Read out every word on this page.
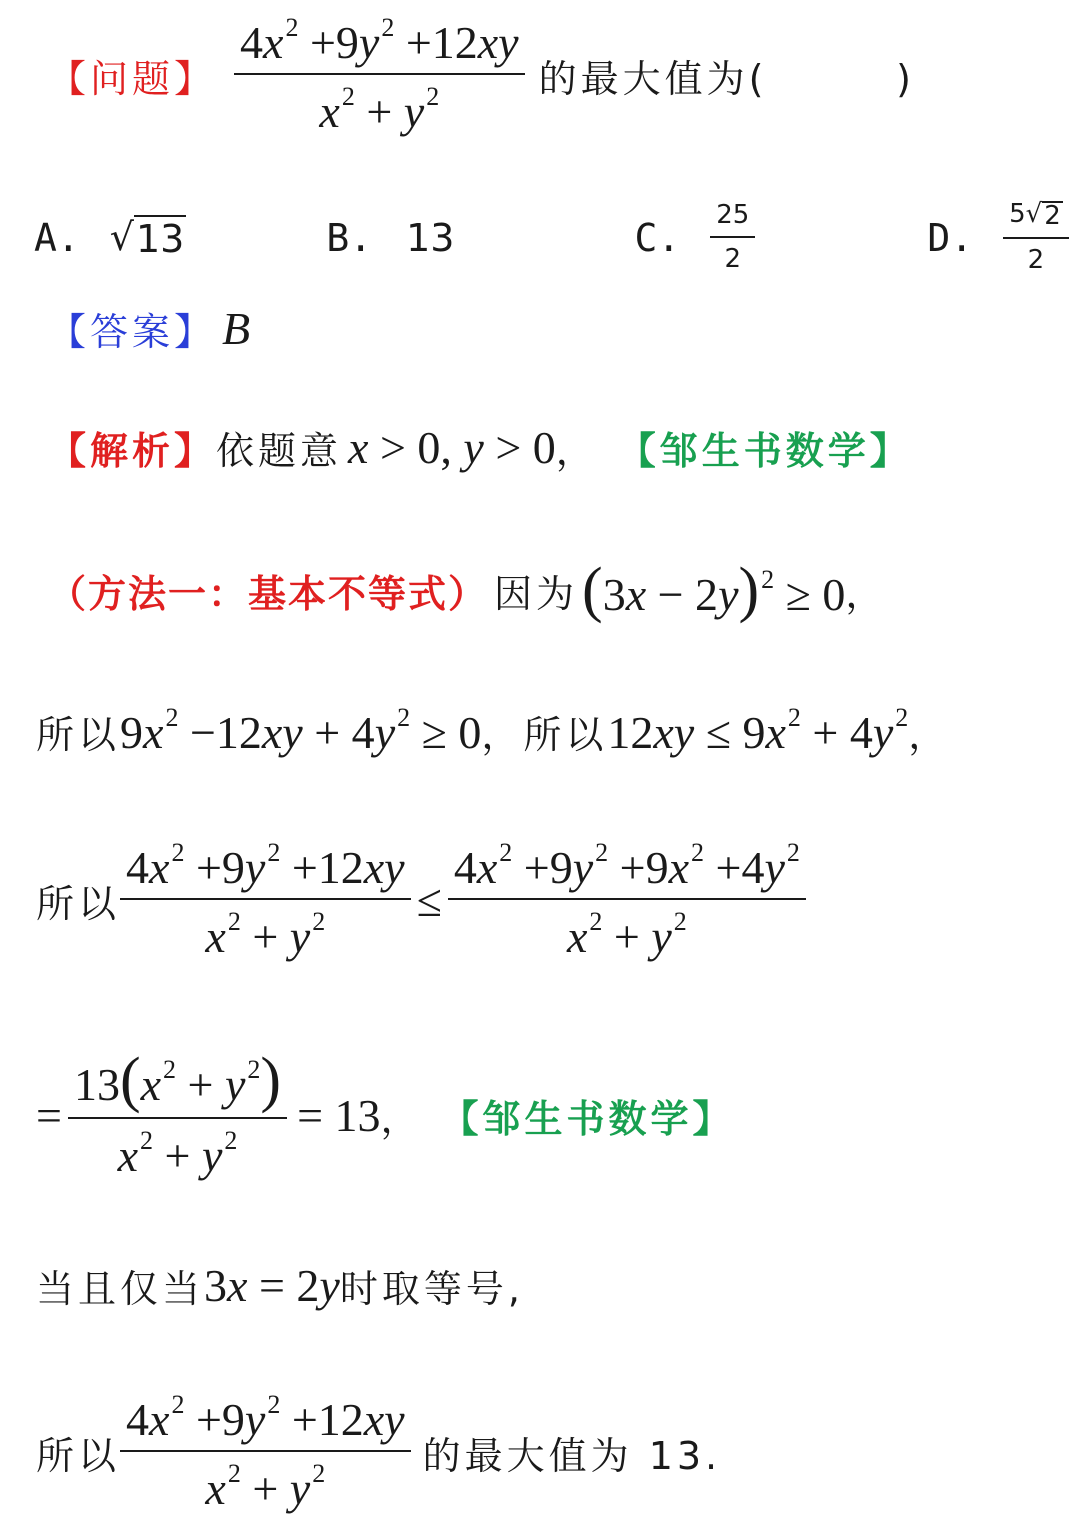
【问题】 $\frac{4x^2 +9y^2 +12xy}{x^2 + y^2}$ 的最大值为(        )
A. √ 13	B. 13	C. $\frac{25}{2}$	D. $\frac{5 √ 2}{2}$
【答案】 B
【解析】 依题意 x > 0, y > 0 ， 【邹生书数学】
（方法一：基本不等式） 因为 $(3x - 2y)^2 \ge 0$ ，
所以 $9x^2 -12xy + 4y^2 \ge 0$ ，所以 $12xy \le 9x^2 + 4y^2$ ，
所以 $\frac{4x^2 +9y^2 +12xy}{x^2 + y^2} \le \frac{4x^2 +9y^2 +9x^2 +4y^2}{x^2 + y^2}$
= $\frac{13(x^2 + y^2)}{x^2 + y^2} = 13$ ， 【邹生书数学】
当且仅当 3x = 2y 时取等号,
所以 $\frac{4x^2 +9y^2 +12xy}{x^2 + y^2}$ 的最大值为 13.
